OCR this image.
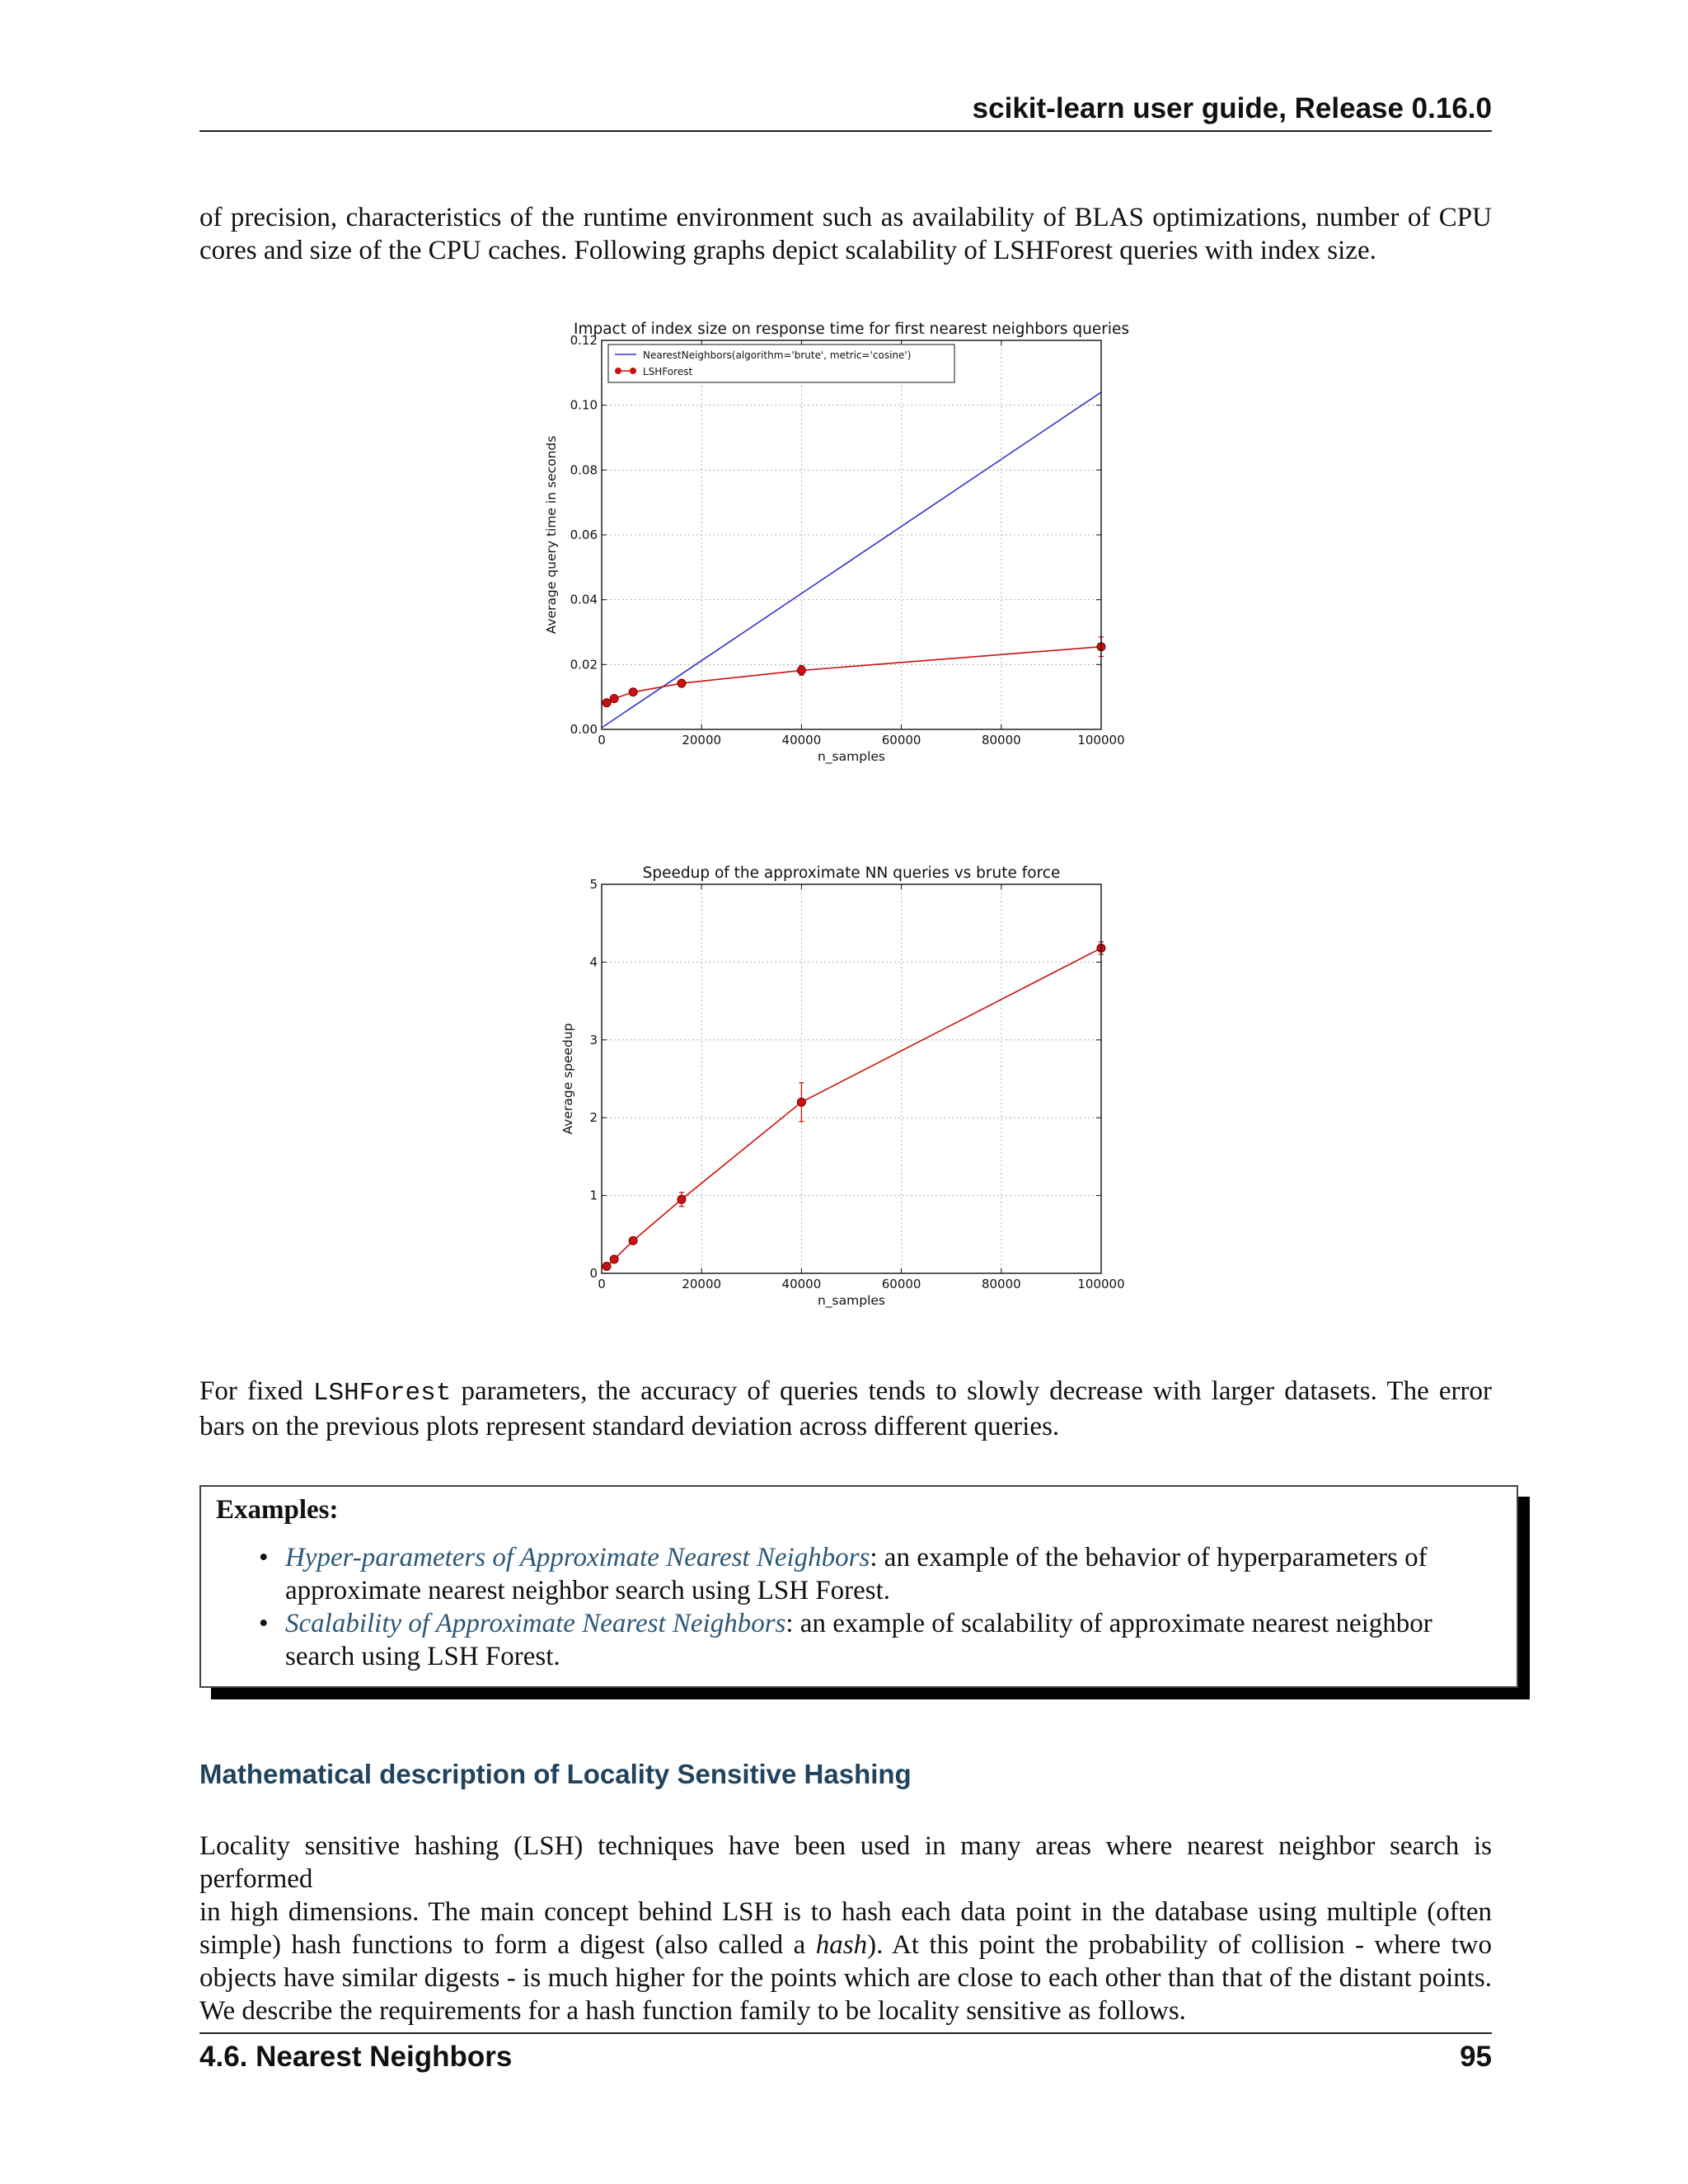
scikit-learn user guide, Release 0.16.0
of precision, characteristics of the runtime environment such as availability of BLAS optimizations, number of CPU
cores and size of the CPU caches. Following graphs depict scalability of LSHForest queries with index size.
0	20000	40000	60000	80000	100000
0.00
0.02
0.04
0.06
0.08
0.10
0.12
Impact of index size on response time for first nearest neighbors queries
n_samples
Average query time in seconds
NearestNeighbors(algorithm='brute', metric='cosine')
LSHForest
0	20000	40000	60000	80000	100000
0
1
2
3
4
5
Speedup of the approximate NN queries vs brute force
n_samples
Average speedup
For fixed LSHForest parameters, the accuracy of queries tends to slowly decrease with larger datasets. The error
bars on the previous plots represent standard deviation across different queries.
Examples:
• Hyper-parameters of Approximate Nearest Neighbors: an example of the behavior of hyperparameters of
approximate nearest neighbor search using LSH Forest.
• Scalability of Approximate Nearest Neighbors: an example of scalability of approximate nearest neighbor
search using LSH Forest.
Mathematical description of Locality Sensitive Hashing
Locality sensitive hashing (LSH) techniques have been used in many areas where nearest neighbor search is performed
in high dimensions. The main concept behind LSH is to hash each data point in the database using multiple (often
simple) hash functions to form a digest (also called a hash). At this point the probability of collision - where two
objects have similar digests - is much higher for the points which are close to each other than that of the distant points.
We describe the requirements for a hash function family to be locality sensitive as follows.
4.6. Nearest Neighbors	95
